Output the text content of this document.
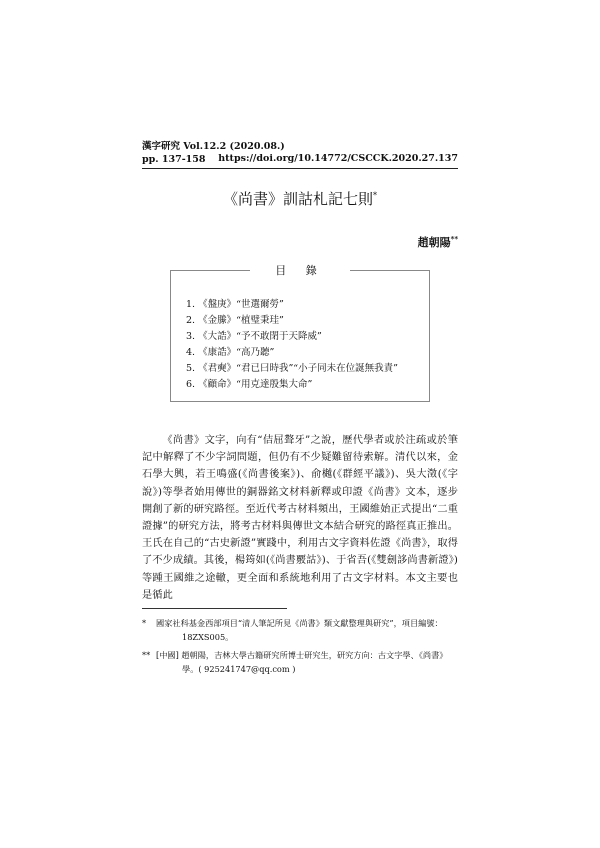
漢字研究 Vol.12.2 (2020.08.)
pp. 137-158	https://doi.org/10.14772/CSCCK.2020.27.137
《尚書》訓詁札記七則*
趙朝陽**
目 錄
1. 《盤庚》“世選爾勞”
2. 《金縢》“植璧秉珪”
3. 《大誥》“予不敢閉于天降威”
4. 《康誥》“高乃聽”
5. 《君奭》“君已曰時我”“小子同未在位誕無我責”
6. 《顧命》“用克達殷集大命”

《尚書》文字，向有“佶屈聱牙”之說，歷代學者或於注疏或於筆記中解釋了不少字詞問題，但仍有不少疑難留待索解。清代以來，金石學大興，若王鳴盛(《尚書後案》)、俞樾(《群經平議》)、吳大澂(《字說》)等學者始用傳世的銅器銘文材料新釋或印證《尚書》文本，逐步開創了新的研究路徑。至近代考古材料頻出，王國維始正式提出“二重證據”的研究方法，將考古材料與傳世文本結合研究的路徑真正推出。王氏在自己的“古史新證”實踐中，利用古文字資料佐證《尚書》，取得了不少成績。其後，楊筠如(《尚書覈詁》)、于省吾(《雙劍誃尚書新證》)等踵王國維之途轍，更全面和系統地利用了古文字材料。本文主要也是循此

* 國家社科基金西部項目“清人筆記所見《尚書》類文獻整理與研究”，項目編號：
18ZXS005。
** [中國] 趙朝陽，吉林大學古籍研究所博士研究生，研究方向：古文字學、《尚書》
學。( 925241747@qq.com )
